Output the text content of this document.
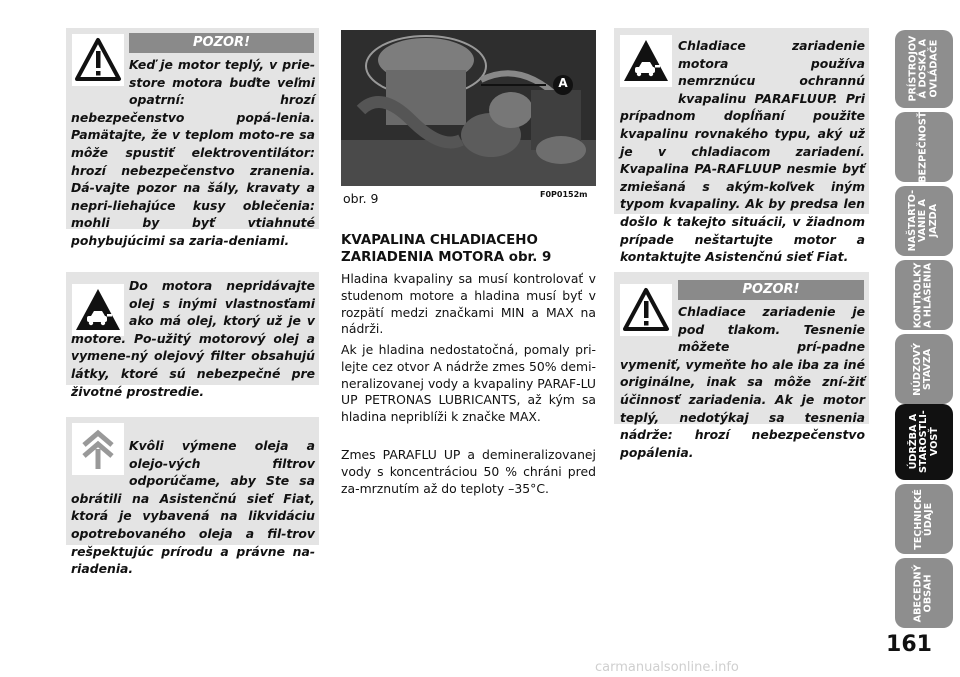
POZOR!
Keď je motor teplý, v prie-store motora buďte veľmi opatrní: hrozí nebezpečenstvo popá-lenia. Pamätajte, že v teplom moto-re sa môže spustiť elektroventilátor: hrozí nebezpečenstvo zranenia. Dá-vajte pozor na šály, kravaty a nepri-liehajúce kusy oblečenia: mohli by byť vtiahnuté pohybujúcimi sa zaria-deniami.
Do motora nepridávajte olej s inými vlastnosťami ako má olej, ktorý už je v motore. Po-užitý motorový olej a vymene-ný olejový filter obsahujú látky, ktoré sú nebezpečné pre životné prostredie.
Kvôli výmene oleja a olejo-vých filtrov odporúčame, aby Ste sa obrátili na Asistenčnú sieť Fiat, ktorá je vybavená na likvidáciu opotrebovaného oleja a fil-trov rešpektujúc prírodu a právne na-riadenia.
A
obr. 9	F0P0152m
KVAPALINA CHLADIACEHO ZARIADENIA MOTORA obr. 9
Hladina kvapaliny sa musí kontrolovať v studenom motore a hladina musí byť v rozpätí medzi značkami MIN a MAX na nádrži.
Ak je hladina nedostatočná, pomaly pri-lejte cez otvor A nádrže zmes 50% demi-neralizovanej vody a kvapaliny PARAF-LU UP PETRONAS LUBRICANTS, až kým sa hladina nepriblíži k značke MAX.
Zmes PARAFLU UP a demineralizovanej vody s koncentráciou 50 % chráni pred za-mrznutím až do teploty –35°C.
Chladiace zariadenie motora používa nemrznúcu ochrannú kvapalinu PARAFLUUP. Pri prípadnom dopĺňaní použite kvapalinu rovnakého typu, aký už je v chladiacom zariadení. Kvapalina PA-RAFLUUP nesmie byť zmiešaná s akým-koľvek iným typom kvapaliny. Ak by predsa len došlo k takejto situácii, v žiadnom prípade neštartujte motor a kontaktujte Asistenčnú sieť Fiat.
POZOR!
Chladiace zariadenie je pod tlakom. Tesnenie môžete prí-padne vymeniť, vymeňte ho ale iba za iné originálne, inak sa môže zní-žiť účinnosť zariadenia. Ak je motor teplý, nedotýkaj sa tesnenia nádrže: hrozí nebezpečenstvo popálenia.
PRÍSTROJOV
Á DOSKA A
OVLÁDAČE
BEZPEČNOSŤ
NAŠTARTO-
VANIE A
JAZDA
KONTROLKY
A HLÁSENIA
NÚDZOVÝ
STAVZA
ÚDRŽBA A
STAROSTLI-
VOSŤ
TECHNICKÉ
ÚDAJE
ABECEDNÝ
OBSAH
161
carmanualsonline.info
